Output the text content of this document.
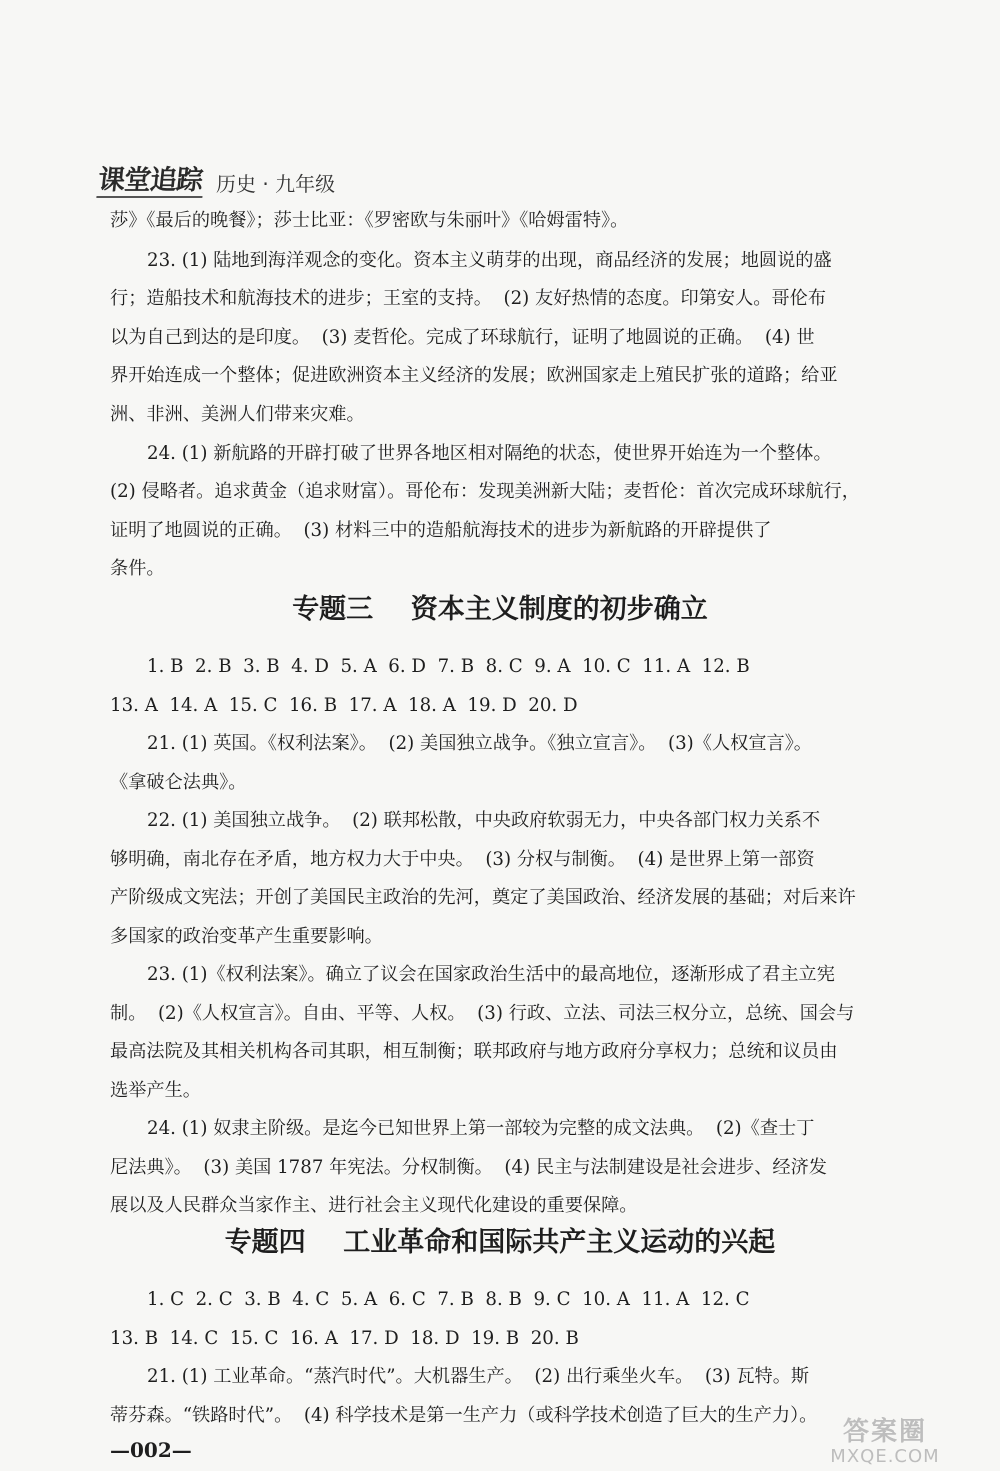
课堂追踪 历史 · 九年级
莎》《最后的晚餐》；莎士比亚：《罗密欧与朱丽叶》《哈姆雷特》。
23. (1) 陆地到海洋观念的变化。资本主义萌芽的出现，商品经济的发展；地圆说的盛
行；造船技术和航海技术的进步；王室的支持。  (2) 友好热情的态度。印第安人。哥伦布
以为自己到达的是印度。  (3) 麦哲伦。完成了环球航行，证明了地圆说的正确。  (4) 世
界开始连成一个整体；促进欧洲资本主义经济的发展；欧洲国家走上殖民扩张的道路；给亚
洲、非洲、美洲人们带来灾难。
24. (1) 新航路的开辟打破了世界各地区相对隔绝的状态，使世界开始连为一个整体。
(2) 侵略者。追求黄金（追求财富）。哥伦布：发现美洲新大陆；麦哲伦：首次完成环球航行，
证明了地圆说的正确。  (3) 材料三中的造船航海技术的进步为新航路的开辟提供了
条件。
专题三    资本主义制度的初步确立
1. B  2. B  3. B  4. D  5. A  6. D  7. B  8. C  9. A  10. C  11. A  12. B
13. A  14. A  15. C  16. B  17. A  18. A  19. D  20. D
21. (1) 英国。《权利法案》。  (2) 美国独立战争。《独立宣言》。  (3)《人权宣言》。
《拿破仑法典》。
22. (1) 美国独立战争。  (2) 联邦松散，中央政府软弱无力，中央各部门权力关系不
够明确，南北存在矛盾，地方权力大于中央。  (3) 分权与制衡。  (4) 是世界上第一部资
产阶级成文宪法；开创了美国民主政治的先河，奠定了美国政治、经济发展的基础；对后来许
多国家的政治变革产生重要影响。
23. (1)《权利法案》。确立了议会在国家政治生活中的最高地位，逐渐形成了君主立宪
制。  (2)《人权宣言》。自由、平等、人权。  (3) 行政、立法、司法三权分立，总统、国会与
最高法院及其相关机构各司其职，相互制衡；联邦政府与地方政府分享权力；总统和议员由
选举产生。
24. (1) 奴隶主阶级。是迄今已知世界上第一部较为完整的成文法典。  (2)《查士丁
尼法典》。  (3) 美国 1787 年宪法。分权制衡。  (4) 民主与法制建设是社会进步、经济发
展以及人民群众当家作主、进行社会主义现代化建设的重要保障。
专题四    工业革命和国际共产主义运动的兴起
1. C  2. C  3. B  4. C  5. A  6. C  7. B  8. B  9. C  10. A  11. A  12. C
13. B  14. C  15. C  16. A  17. D  18. D  19. B  20. B
21. (1) 工业革命。“蒸汽时代”。大机器生产。  (2) 出行乘坐火车。  (3) 瓦特。斯
蒂芬森。“铁路时代”。  (4) 科学技术是第一生产力（或科学技术创造了巨大的生产力）。
—002—
答案圈
MXQE.COM
